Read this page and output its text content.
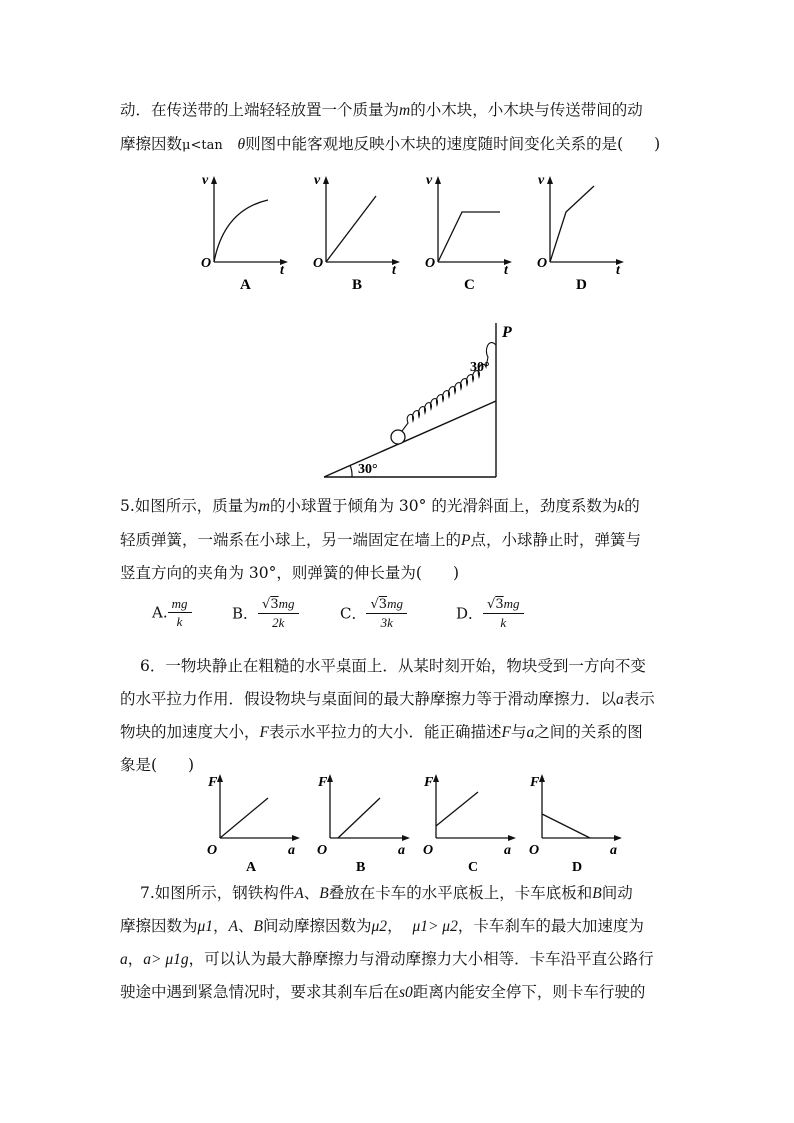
动．在传送带的上端轻轻放置一个质量为m的小木块，小木块与传送带间的动
摩擦因数μ<tan θ则图中能客观地反映小木块的速度随时间变化关系的是(　　)
v
t
O
A
v
t
O
B
v
t
O
C
v
t
O
D
P
30°
30°
5.如图所示，质量为m的小球置于倾角为 30° 的光滑斜面上，劲度系数为k的
轻质弹簧，一端系在小球上，另一端固定在墙上的P点，小球静止时，弹簧与
竖直方向的夹角为 30°，则弹簧的伸长量为(　　)
A. $\frac{mg}{k}$	B． $\frac{√3mg}{2k}$	C． $\frac{√3mg}{3k}$	D． $\frac{√3mg}{k}$
6．一物块静止在粗糙的水平桌面上．从某时刻开始，物块受到一方向不变
的水平拉力作用．假设物块与桌面间的最大静摩擦力等于滑动摩擦力．以a表示
物块的加速度大小，F表示水平拉力的大小．能正确描述F与a之间的关系的图
象是(　　)
F
a
O
A
F
a
O
B
F
a
O
C
F
a
O
D
7.如图所示，钢铁构件A、B叠放在卡车的水平底板上，卡车底板和B间动
摩擦因数为μ1，A、B间动摩擦因数为μ2， μ1> μ2，卡车刹车的最大加速度为
a，a> μ1g，可以认为最大静摩擦力与滑动摩擦力大小相等．卡车沿平直公路行
驶途中遇到紧急情况时，要求其刹车后在s0距离内能安全停下，则卡车行驶的
